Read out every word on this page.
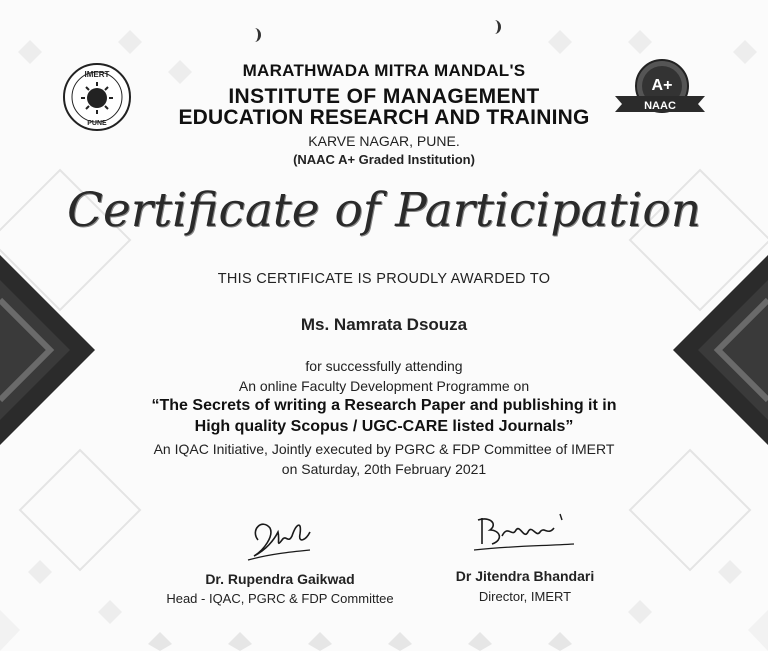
IMERT
PUNE
A+
NAAC
MARATHWADA MITRA MANDAL'S
INSTITUTE OF MANAGEMENT
EDUCATION RESEARCH AND TRAINING
KARVE NAGAR, PUNE.
(NAAC A+ Graded Institution)
Certificate of Participation
THIS CERTIFICATE IS PROUDLY AWARDED TO
Ms. Namrata Dsouza
for successfully attending
An online Faculty Development Programme on
“The Secrets of writing a Research Paper and publishing it in
High quality Scopus / UGC-CARE listed Journals”
An IQAC Initiative, Jointly executed by PGRC & FDP Committee of IMERT
on Saturday, 20th February 2021
Dr. Rupendra Gaikwad
Head - IQAC, PGRC & FDP Committee
Dr Jitendra Bhandari
Director, IMERT
